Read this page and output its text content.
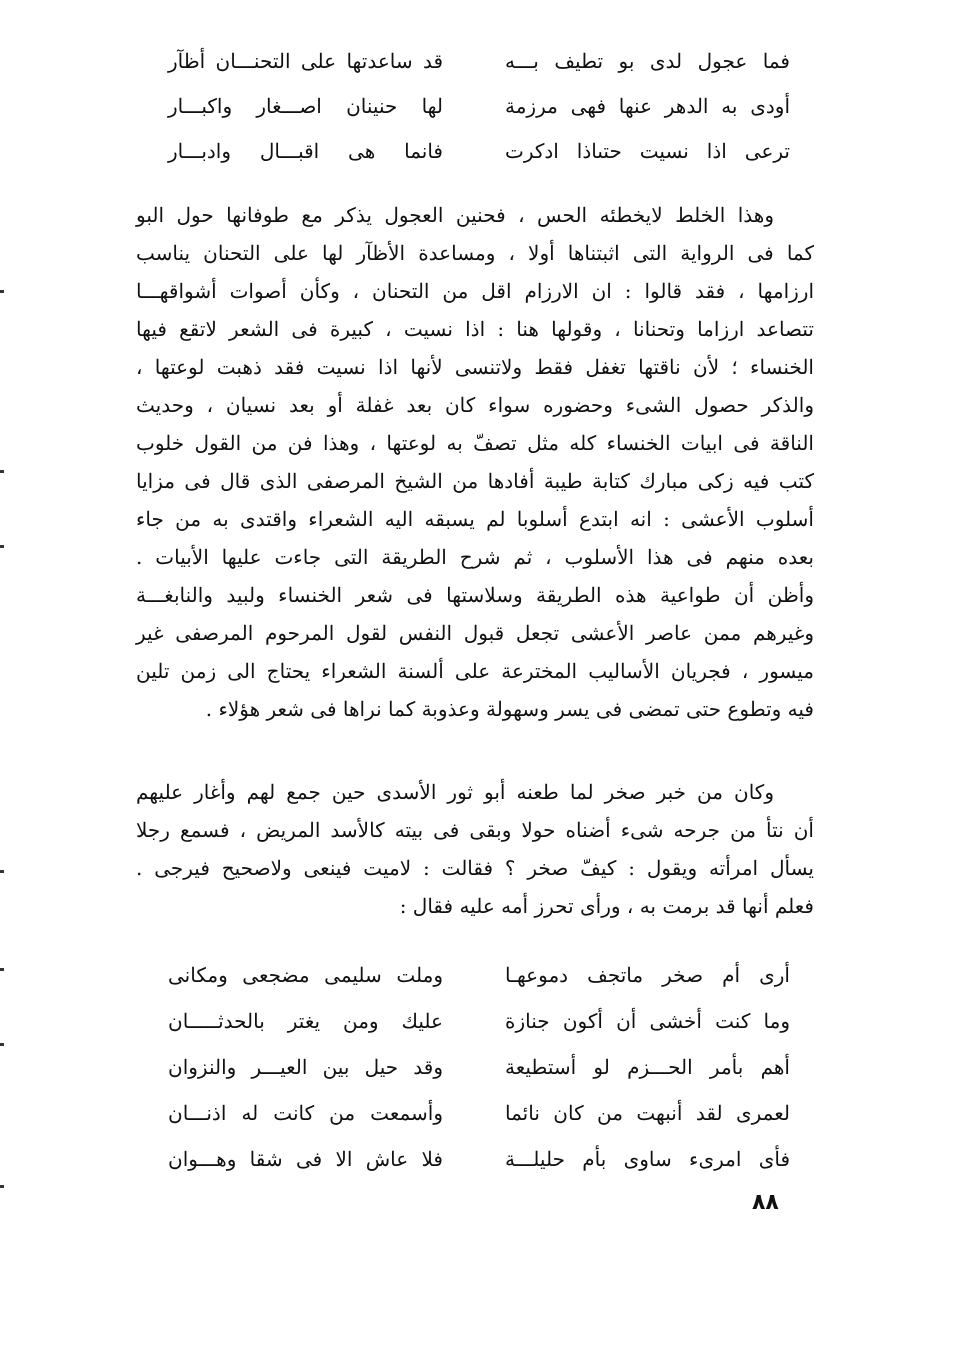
فما عجول لدى بو تطيف بـــه
قد ساعدتها على التحنـــان أظآر
أودى به الدهر عنها فهى مرزمة
لها حنينان اصـــغار واكبـــار
ترعى اذا نسيت حتىاذا ادكرت
فانما هى اقبـــال وادبـــار
وهذا الخلط لايخطئه الحس ، فحنين العجول يذكر مع طوفانها حول البو
كما فى الرواية التى اثبتناها أولا ، ومساعدة الأظآر لها على التحنان يناسب
ارزامها ، فقد قالوا : ان الارزام اقل من التحنان ، وكأن أصوات أشواقهـــا
تتصاعد ارزاما وتحنانا ، وقولها هنا : اذا نسيت ، كبيرة فى الشعر لاتقع فيها
الخنساء ؛ لأن ناقتها تغفل فقط ولاتنسى لأنها اذا نسيت فقد ذهبت لوعتها ،
والذكر حصول الشىء وحضوره سواء كان بعد غفلة أو بعد نسيان ، وحديث
الناقة فى ابيات الخنساء كله مثل تصفّ به لوعتها ، وهذا فن من القول خلوب
كتب فيه زكى مبارك كتابة طيبة أفادها من الشيخ المرصفى الذى قال فى مزايا
أسلوب الأعشى : انه ابتدع أسلوبا لم يسبقه اليه الشعراء واقتدى به من جاء
بعده منهم فى هذا الأسلوب ، ثم شرح الطريقة التى جاءت عليها الأبيات .
وأظن أن طواعية هذه الطريقة وسلاستها فى شعر الخنساء ولبيد والنابغـــة
وغيرهم ممن عاصر الأعشى تجعل قبول النفس لقول المرحوم المرصفى غير
ميسور ، فجريان الأساليب المخترعة على ألسنة الشعراء يحتاج الى زمن تلين
فيه وتطوع حتى تمضى فى يسر وسهولة وعذوبة كما نراها فى شعر هؤلاء .
وكان من خبر صخر لما طعنه أبو ثور الأسدى حين جمع لهم وأغار عليهم
أن نتأ من جرحه شىء أضناه حولا وبقى فى بيته كالأسد المريض ، فسمع رجلا
يسأل امرأته ويقول : كيفّ صخر ؟ فقالت : لاميت فينعى ولاصحيح فيرجى .
فعلم أنها قد برمت به ، ورأى تحرز أمه عليه فقال :
أرى أم صخر ماتجف دموعهـا
وملت سليمى مضجعى ومكانى
وما كنت أخشى أن أكون جنازة
عليك ومن يغتر بالحدثـــــان
أهم بأمر الحـــزم لو أستطيعة
وقد حيل بين العيـــر والنزوان
لعمرى لقد أنبهت من كان نائما
وأسمعت من كانت له اذنـــان
فأى امرىء ساوى بأم حليلـــة
فلا عاش الا فى شقا وهـــوان
٨٨
